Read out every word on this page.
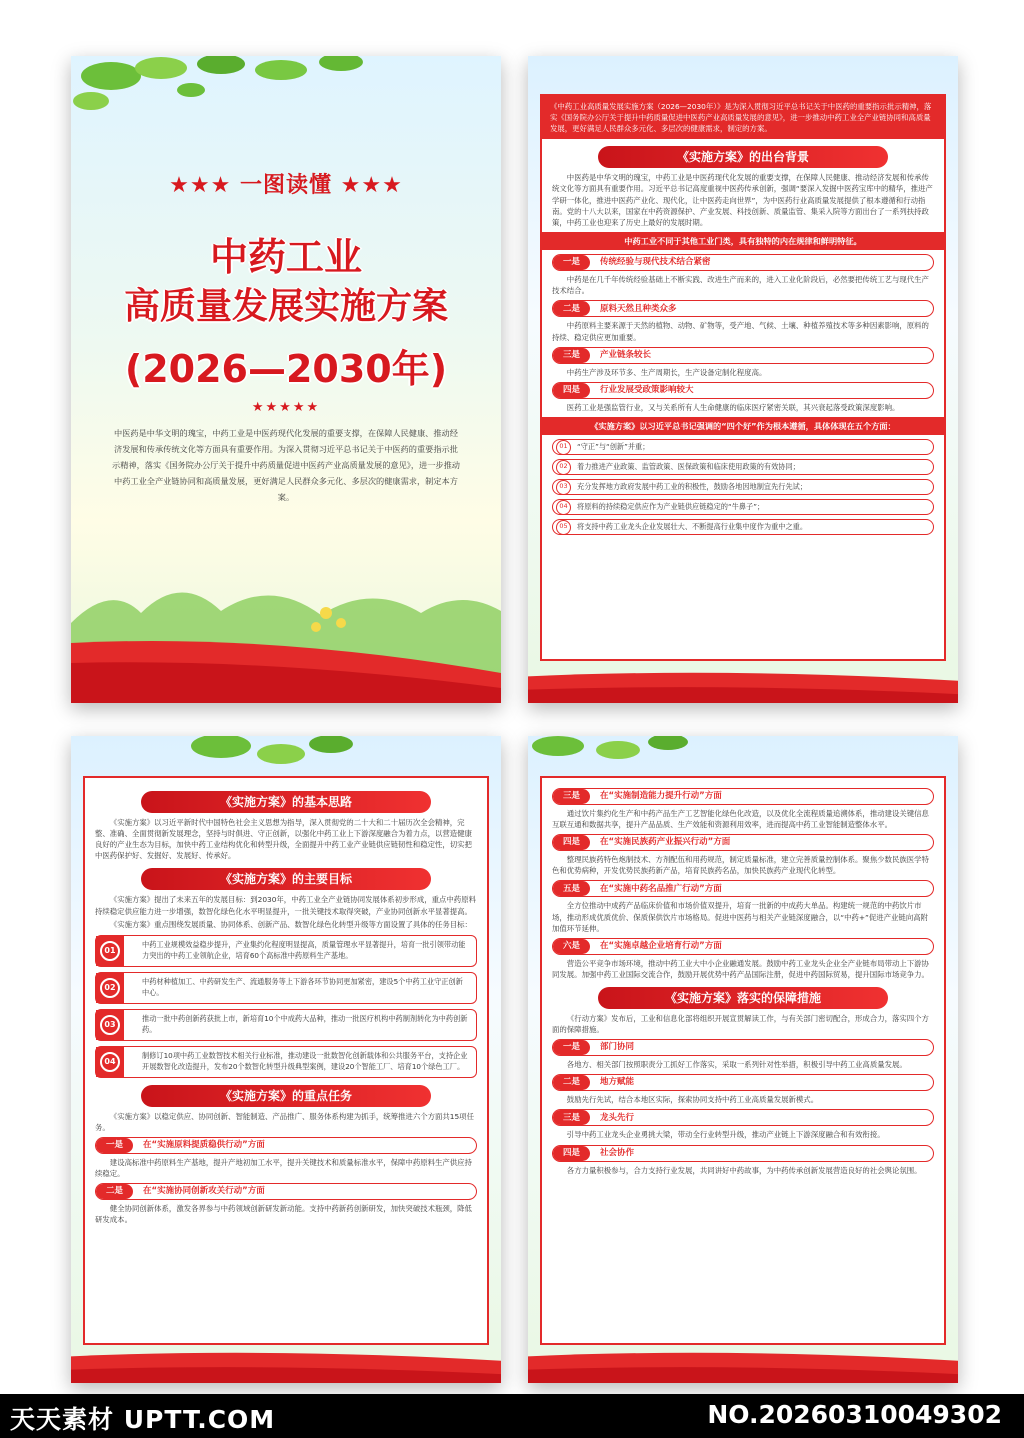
★★★ 一图读懂 ★★★
中药工业
高质量发展实施方案
(2026—2030年)
★★★★★
中医药是中华文明的瑰宝，中药工业是中医药现代化发展的重要支撑，在保障人民健康、推动经济发展和传承传统文化等方面具有重要作用。为深入贯彻习近平总书记关于中医药的重要指示批示精神，落实《国务院办公厅关于提升中药质量促进中医药产业高质量发展的意见》，进一步推动中药工业全产业链协同和高质量发展，更好满足人民群众多元化、多层次的健康需求，制定本方案。
《中药工业高质量发展实施方案（2026—2030年）》是为深入贯彻习近平总书记关于中医药的重要指示批示精神，落实《国务院办公厅关于提升中药质量促进中医药产业高质量发展的意见》，进一步推动中药工业全产业链协同和高质量发展，更好满足人民群众多元化、多层次的健康需求，制定的方案。
《实施方案》的出台背景

中医药是中华文明的瑰宝，中药工业是中医药现代化发展的重要支撑，在保障人民健康、推动经济发展和传承传统文化等方面具有重要作用。习近平总书记高度重视中医药传承创新，强调“要深入发掘中医药宝库中的精华，推进产学研一体化，推进中医药产业化、现代化，让中医药走向世界”，为中医药行业高质量发展提供了根本遵循和行动指南。党的十八大以来，国家在中药资源保护、产业发展、科技创新、质量监管、集采入院等方面出台了一系列扶持政策，中药工业也迎来了历史上最好的发展时期。

中药工业不同于其他工业门类，具有独特的内在规律和鲜明特征。
一是	传统经验与现代技术结合紧密

中药是在几千年传统经验基础上不断实践、改进生产而来的，进入工业化阶段后，必然要把传统工艺与现代生产技术结合。

二是	原料天然且种类众多

中药原料主要来源于天然的植物、动物、矿物等，受产地、气候、土壤、种植养殖技术等多种因素影响，原料的持续、稳定供应更加重要。

三是	产业链条较长

中药生产涉及环节多、生产周期长，生产设备定制化程度高。

四是	行业发展受政策影响较大

医药工业是强监管行业，又与关系所有人生命健康的临床医疗紧密关联，其兴衰起落受政策深度影响。

《实施方案》以习近平总书记强调的“四个好”作为根本遵循，具体体现在五个方面：
01	“守正”与“创新”并重；
02	着力推进产业政策、监管政策、医保政策和临床使用政策的有效协同；
03	充分发挥地方政府发展中药工业的积极性，鼓励各地因地制宜先行先试；
04	将原料的持续稳定供应作为产业链供应链稳定的“牛鼻子”；
05	将支持中药工业龙头企业发展壮大、不断提高行业集中度作为重中之重。
《实施方案》的基本思路

《实施方案》以习近平新时代中国特色社会主义思想为指导，深入贯彻党的二十大和二十届历次全会精神，完整、准确、全面贯彻新发展理念，坚持与时俱进、守正创新，以强化中药工业上下游深度融合为着力点，以营造健康良好的产业生态为目标，加快中药工业结构优化和转型升级，全面提升中药工业产业链供应链韧性和稳定性，切实把中医药保护好、发掘好、发展好、传承好。

《实施方案》的主要目标

《实施方案》提出了未来五年的发展目标：到2030年，中药工业全产业链协同发展体系初步形成，重点中药原料持续稳定供应能力进一步增强，数智化绿色化水平明显提升，一批关键技术取得突破，产业协同创新水平显著提高。

《实施方案》重点围绕发展质量、协同体系、创新产品、数智化绿色化转型升级等方面设置了具体的任务目标：

01
中药工业规模效益稳步提升，产业集约化程度明显提高，质量管理水平显著提升，培育一批引领带动能力突出的中药工业领航企业，培育60个高标准中药原料生产基地。
02
中药材种植加工、中药研发生产、流通服务等上下游各环节协同更加紧密，建设5个中药工业守正创新中心。
03
推动一批中药创新药获批上市，新培育10个中成药大品种，推动一批医疗机构中药制剂转化为中药创新药。
04
制修订10项中药工业数智技术相关行业标准，推动建设一批数智化创新载体和公共服务平台，支持企业开展数智化改造提升，发布20个数智化转型升级典型案例，建设20个智能工厂、培育10个绿色工厂。
《实施方案》的重点任务

《实施方案》以稳定供应、协同创新、智能制造、产品推广、服务体系构建为抓手，统筹推进六个方面共15项任务。

一是	在“实施原料提质稳供行动”方面

建设高标准中药原料生产基地，提升产地初加工水平，提升关键技术和质量标准水平，保障中药原料生产供应持续稳定。

二是	在“实施协同创新攻关行动”方面

健全协同创新体系，激发各界参与中药领域创新研发新动能。支持中药新药创新研发，加快突破技术瓶颈，降低研发成本。

三是	在“实施制造能力提升行动”方面

通过饮片集约化生产和中药产品生产工艺智能化绿色化改造，以及优化全流程质量追溯体系，推动建设关键信息互联互通和数据共享，提升产品品质、生产效能和资源利用效率，进而提高中药工业智能制造整体水平。

四是	在“实施民族药产业振兴行动”方面

整理民族药特色炮制技术、方剂配伍和用药规范，制定质量标准，建立完善质量控制体系。聚焦少数民族医学特色和优势病种，开发优势民族药新产品，培育民族药名品，加快民族药产业现代化转型。

五是	在“实施中药名品推广行动”方面

全方位推动中成药产品临床价值和市场价值双提升，培育一批新的中成药大单品。构建统一规范的中药饮片市场，推动形成优质优价、保质保供饮片市场格局。促进中医药与相关产业链深度融合，以“中药+”促进产业链向高附加值环节延伸。

六是	在“实施卓越企业培育行动”方面

营造公平竞争市场环境，推动中药工业大中小企业融通发展。鼓励中药工业龙头企业全产业链布局带动上下游协同发展。加强中药工业国际交流合作，鼓励开展优势中药产品国际注册，促进中药国际贸易，提升国际市场竞争力。

《实施方案》落实的保障措施

《行动方案》发布后，工业和信息化部将组织开展宣贯解读工作，与有关部门密切配合，形成合力，落实四个方面的保障措施。

一是	部门协同

各地方、相关部门按照职责分工抓好工作落实，采取一系列针对性举措，积极引导中药工业高质量发展。

二是	地方赋能

鼓励先行先试，结合本地区实际，探索协同支持中药工业高质量发展新模式。

三是	龙头先行

引导中药工业龙头企业勇挑大梁，带动全行业转型升级，推动产业链上下游深度融合和有效衔接。

四是	社会协作

各方力量积极参与，合力支持行业发展，共同讲好中药故事，为中药传承创新发展营造良好的社会舆论氛围。

天天素材 UPTT.COM	NO.20260310049302
